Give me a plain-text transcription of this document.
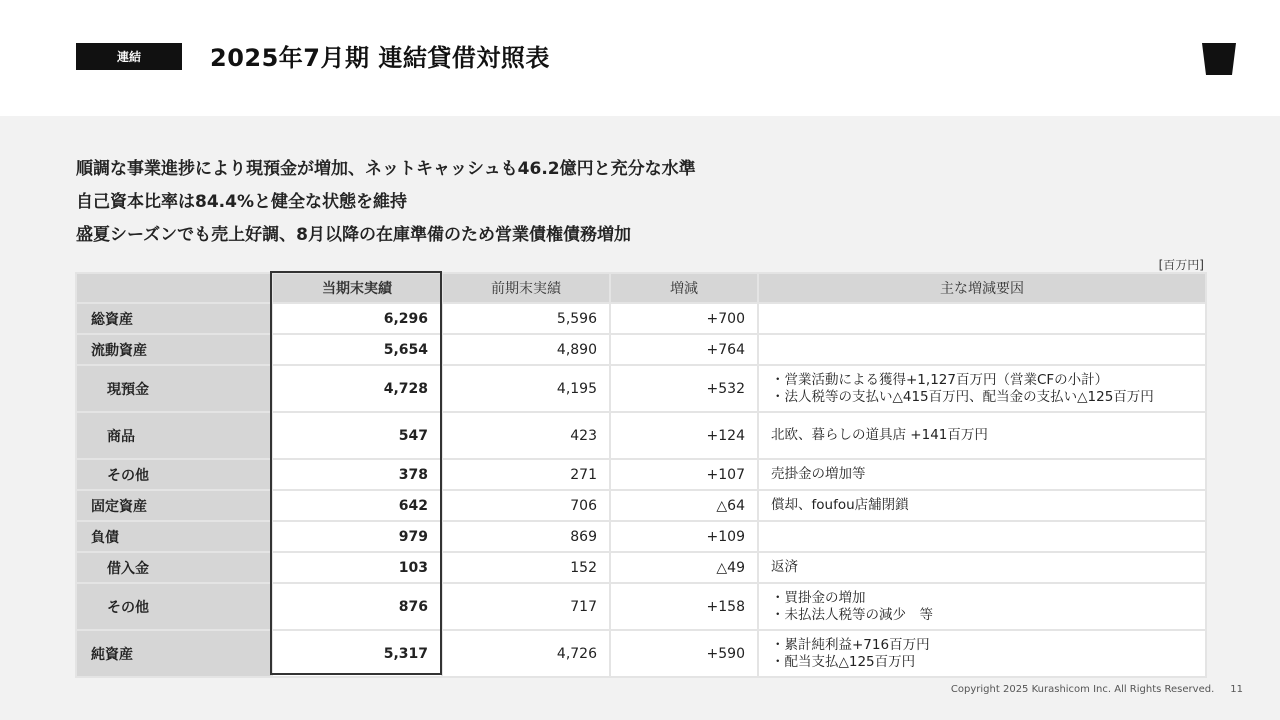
連結	2025年7月期 連結貸借対照表
順調な事業進捗により現預金が増加、ネットキャッシュも46.2億円と充分な水準
自己資本比率は84.4%と健全な状態を維持
盛夏シーズンでも売上好調、8月以降の在庫準備のため営業債権債務増加
[百万円]
	当期末実績	前期末実績	増減	主な増減要因
総資産	6,296	5,596	+700	
流動資産	5,654	4,890	+764	
現預金	4,728	4,195	+532	・営業活動による獲得+1,127百万円（営業CFの小計）
・法人税等の支払い△415百万円、配当金の支払い△125百万円

商品	547	423	+124	北欧、暮らしの道具店 +141百万円

その他	378	271	+107	売掛金の増加等

固定資産	642	706	△64	償却、foufou店舗閉鎖

負債	979	869	+109	
借入金	103	152	△49	返済

その他	876	717	+158	・買掛金の増加
・未払法人税等の減少　等

純資産	5,317	4,726	+590	・累計純利益+716百万円
・配当支払△125百万円
Copyright 2025 Kurashicom Inc. All Rights Reserved. 11
